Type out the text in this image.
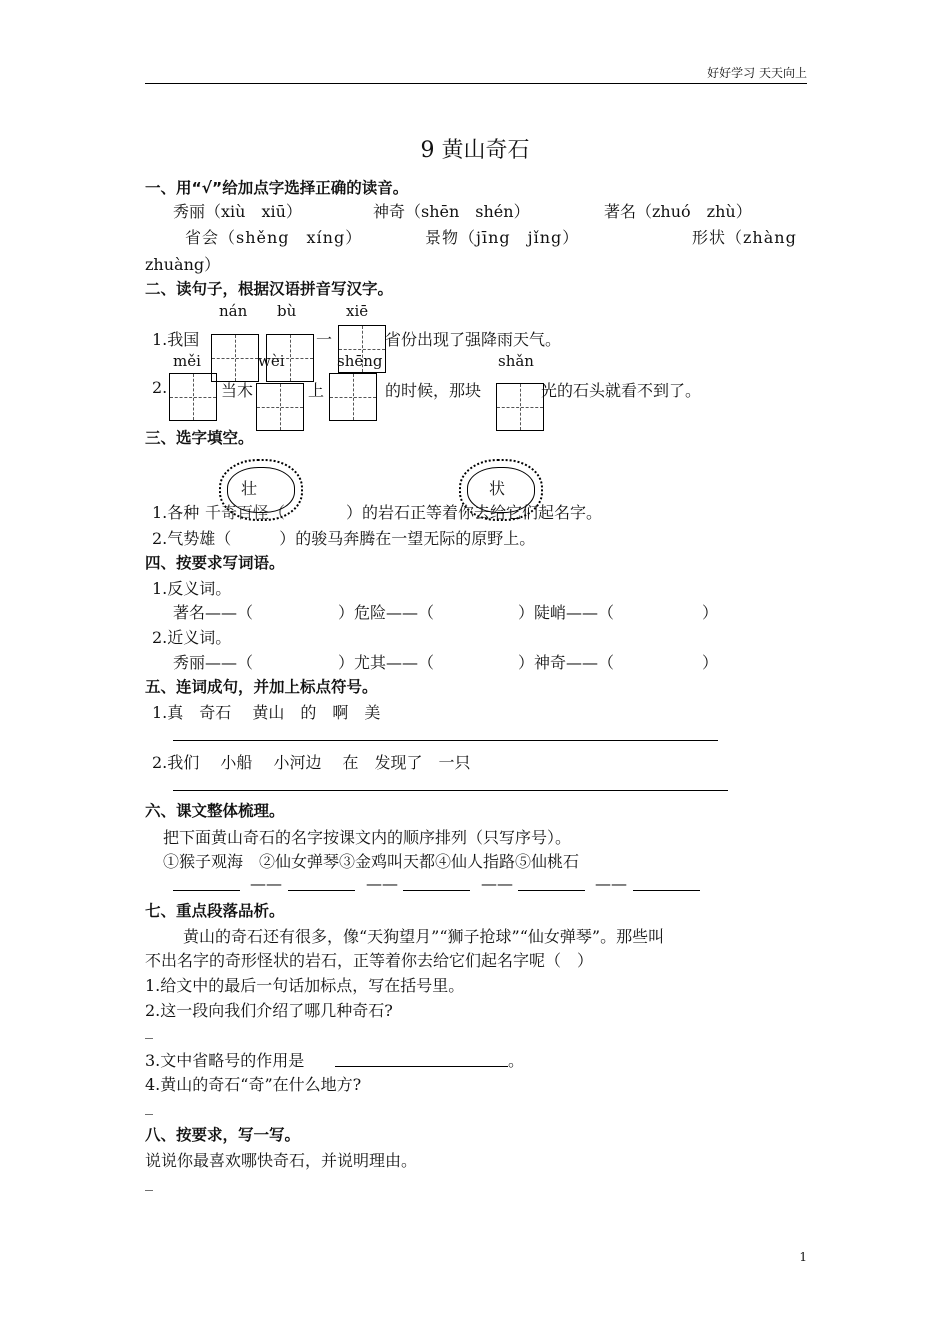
好好学习 天天向上
9 黄山奇石
一、用“√”给加点字选择正确的读音。
秀丽（xiù　xiū）	神奇（shēn　shén）	著名（zhuó　zhù）
省会（shěng　xíng）	景物（jīng　jǐng）	形状（zhàng
zhuàng）
二、读句子，根据汉语拼音写汉字。
nán bù	xiē
1.我国	一	省份出现了强降雨天气。
měi	wèi	shēng	shǎn
2.	当木	上	的时候，那块	光的石头就看不到了。
三、选字填空。
壮	状
1.各种 千奇百怪（	）的岩石正等着你去给它们起名字。
2.气势雄（　　　）的骏马奔腾在一望无际的原野上。
四、按要求写词语。
1.反义词。
著名——（	）危险——（	）陡峭——（	）
2.近义词。
秀丽——（	）尤其——（	）神奇——（	）
五、连词成句，并加上标点符号。
1.真　奇石　 黄山　的　啊　美
2.我们　 小船　 小河边　 在　发现了　一只
六、课文整体梳理。
把下面黄山奇石的名字按课文内的顺序排列（只写序号）。
①猴子观海　②仙女弹琴③金鸡叫天都④仙人指路⑤仙桃石
——	——	——	——
七、重点段落品析。
黄山的奇石还有很多，像“天狗望月”“狮子抢球”“仙女弹琴”。那些叫
不出名字的奇形怪状的岩石，正等着你去给它们起名字呢（　）
1.给文中的最后一句话加标点，写在括号里。
2.这一段向我们介绍了哪几种奇石?
_
3.文中省略号的作用是	。
4.黄山的奇石“奇”在什么地方?
_
八、按要求，写一写。
说说你最喜欢哪快奇石，并说明理由。
_
1
